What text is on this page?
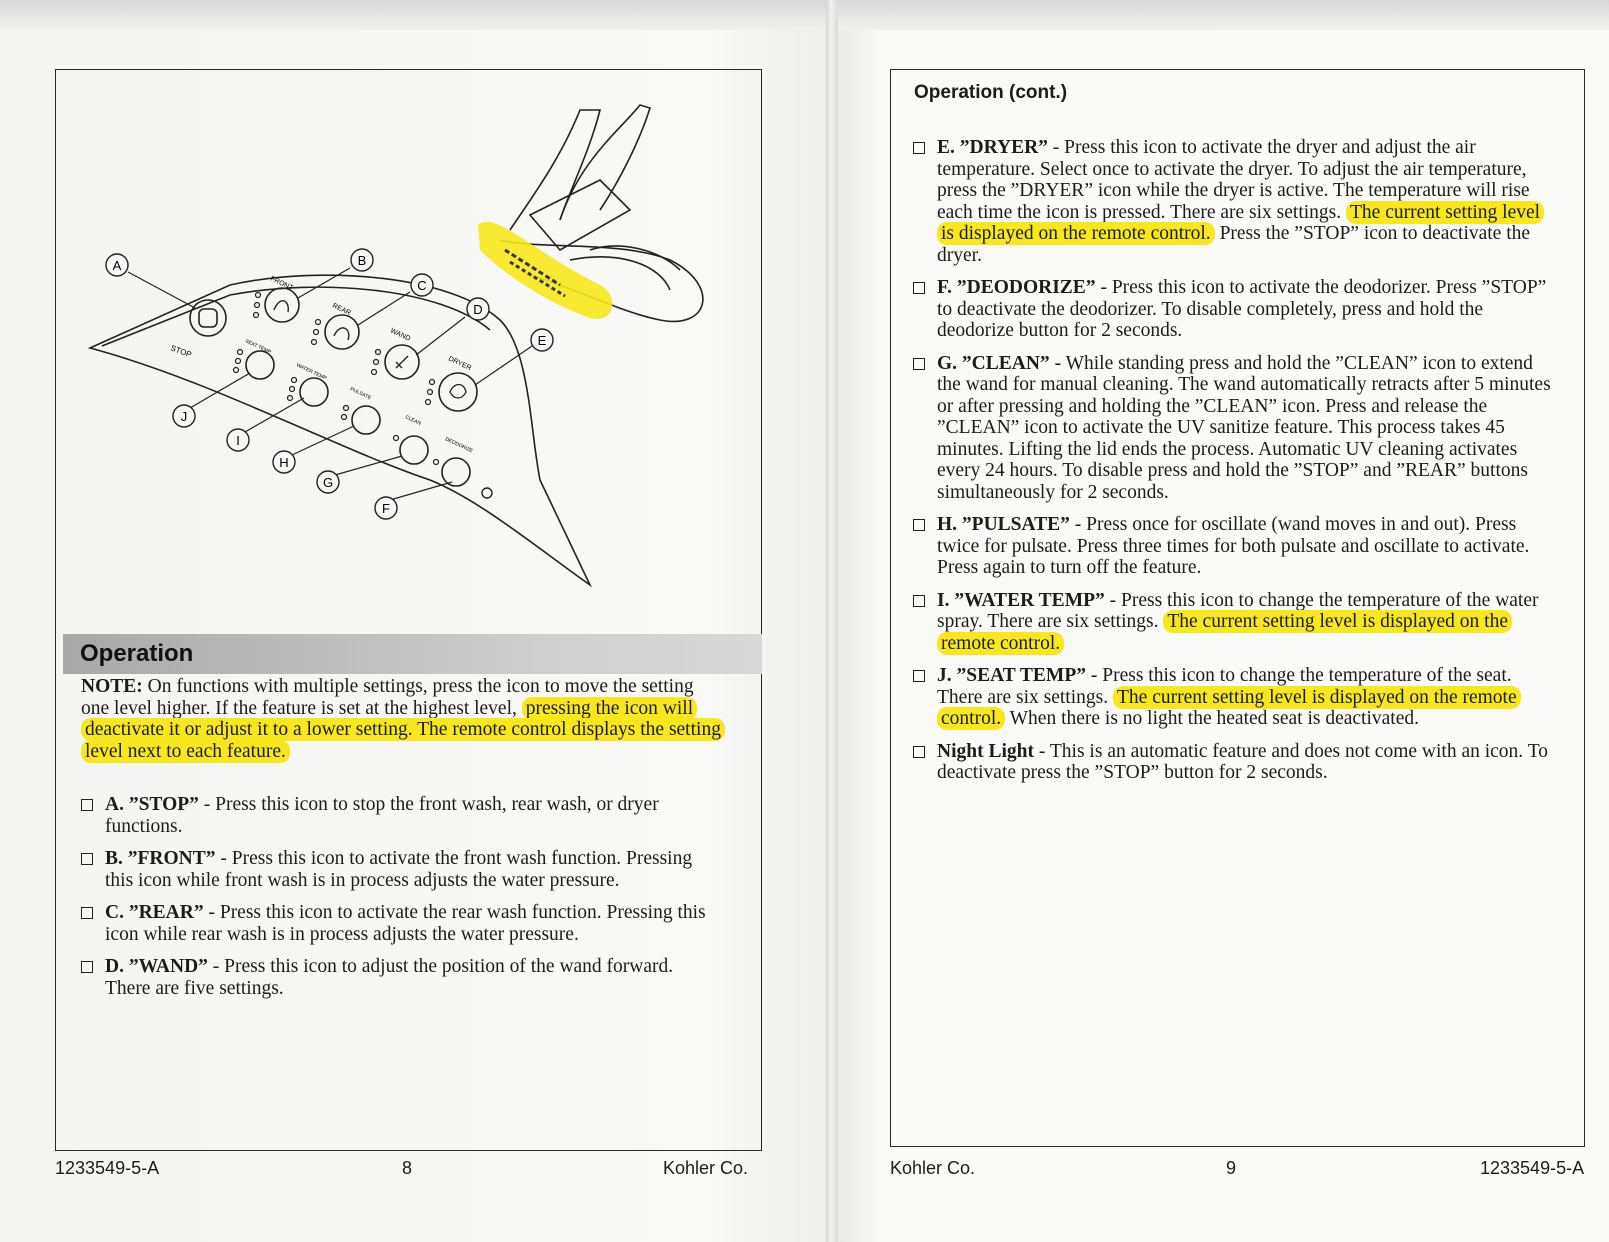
STOP
FRONT
REAR
WAND
DRYER
SEAT TEMP
WATER TEMP
PULSATE
CLEAN
DEODORIZE
A	B
C
D
E
F
G
H
I
J
Operation
NOTE: On functions with multiple settings, press the icon to move the setting one level higher. If the feature is set at the highest level, pressing the icon will deactivate it or adjust it to a lower setting. The remote control displays the setting level next to each feature.
A. ”STOP” - Press this icon to stop the front wash, rear wash, or dryer functions.
B. ”FRONT” - Press this icon to activate the front wash function. Pressing this icon while front wash is in process adjusts the water pressure.
C. ”REAR” - Press this icon to activate the rear wash function. Pressing this icon while rear wash is in process adjusts the water pressure.
D. ”WAND” - Press this icon to adjust the position of the wand forward. There are five settings.
1233549-5-A	8	Kohler Co.
Operation (cont.)
E. ”DRYER” - Press this icon to activate the dryer and adjust the air temperature. Select once to activate the dryer. To adjust the air temperature, press the ”DRYER” icon while the dryer is active. The temperature will rise each time the icon is pressed. There are six settings. The current setting level is displayed on the remote control. Press the ”STOP” icon to deactivate the dryer.
F. ”DEODORIZE” - Press this icon to activate the deodorizer. Press ”STOP” to deactivate the deodorizer. To disable completely, press and hold the deodorize button for 2 seconds.
G. ”CLEAN” - While standing press and hold the ”CLEAN” icon to extend the wand for manual cleaning. The wand automatically retracts after 5 minutes or after pressing and holding the ”CLEAN” icon. Press and release the ”CLEAN” icon to activate the UV sanitize feature. This process takes 45 minutes. Lifting the lid ends the process. Automatic UV cleaning activates every 24 hours. To disable press and hold the ”STOP” and ”REAR” buttons simultaneously for 2 seconds.
H. ”PULSATE” - Press once for oscillate (wand moves in and out). Press twice for pulsate. Press three times for both pulsate and oscillate to activate. Press again to turn off the feature.
I. ”WATER TEMP” - Press this icon to change the temperature of the water spray. There are six settings. The current setting level is displayed on the remote control.
J. ”SEAT TEMP” - Press this icon to change the temperature of the seat. There are six settings. The current setting level is displayed on the remote control. When there is no light the heated seat is deactivated.
Night Light - This is an automatic feature and does not come with an icon. To deactivate press the ”STOP” button for 2 seconds.
Kohler Co.	9	1233549-5-A
